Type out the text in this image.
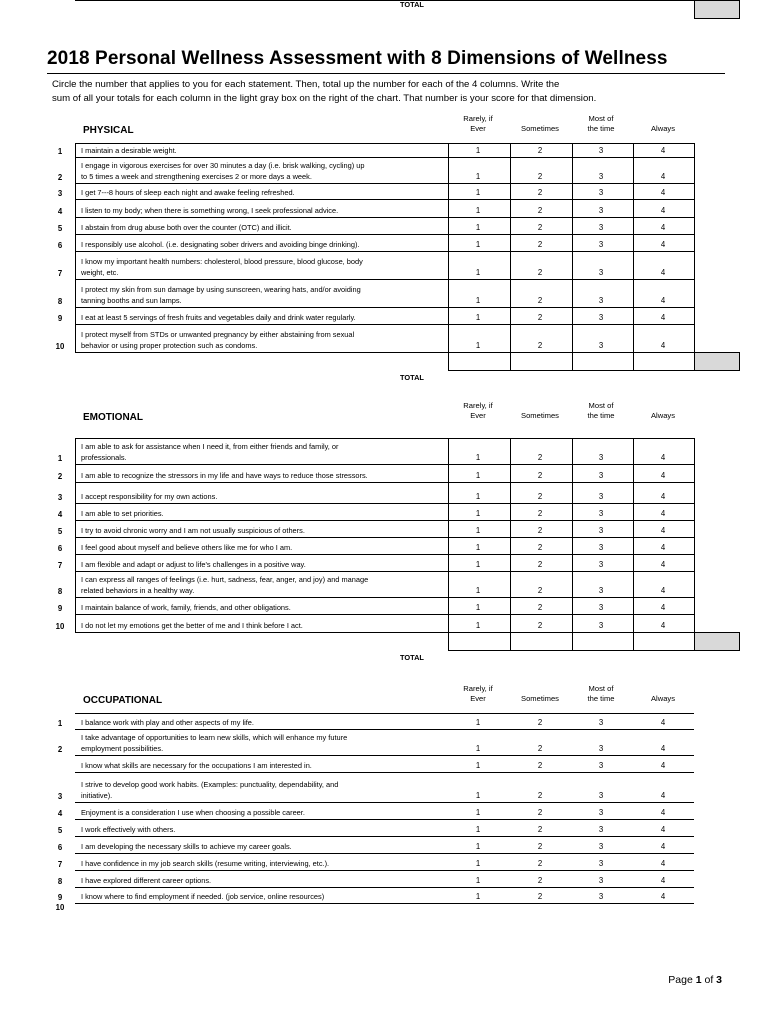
2018 Personal Wellness Assessment with 8 Dimensions of Wellness
Circle the number that applies to you for each statement. Then, total up the number for each of the 4 columns. Write the
sum of all your totals for each column in the light gray box on the right of the chart. That number is your score for that dimension.
PHYSICAL
Rarely, if
Ever
	Sometimes
Most of
the time
	Always
1	I maintain a desirable weight.	1	2	3	4
2
I engage in vigorous exercises for over 30 minutes a day (i.e. brisk walking, cycling) up
to 5 times a week and strengthening exercises 2 or more days a week.	1	2	3	4
3	I get 7---8 hours of sleep each night and awake feeling refreshed.	1	2	3	4
4	I listen to my body; when there is something wrong, I seek professional advice.	1	2	3	4
5	I abstain from drug abuse both over the counter (OTC) and illicit.	1	2	3	4
6	I responsibly use alcohol. (i.e. designating sober drivers and avoiding binge drinking).	1	2	3	4
7
I know my important health numbers: cholesterol, blood pressure, blood glucose, body
weight, etc.	1	2	3	4
8
I protect my skin from sun damage by using sunscreen, wearing hats, and/or avoiding
tanning booths and sun lamps.	1	2	3	4
9	I eat at least 5 servings of fresh fruits and vegetables daily and drink water regularly.	1	2	3	4
10
I protect myself from STDs or unwanted pregnancy by either abstaining from sexual
behavior or using proper protection such as condoms.	1	2	3	4
TOTAL
EMOTIONAL
Rarely, if
Ever
	Sometimes
Most of
the time
	Always
1
I am able to ask for assistance when I need it, from either friends and family, or
professionals.	1	2	3	4
2	I am able to recognize the stressors in my life and have ways to reduce those stressors.	1	2	3	4
3	I accept responsibility for my own actions.	1	2	3	4
4	I am able to set priorities.	1	2	3	4
5	I try to avoid chronic worry and I am not usually suspicious of others.	1	2	3	4
6	I feel good about myself and believe others like me for who I am.	1	2	3	4
7	I am flexible and adapt or adjust to life's challenges in a positive way.	1	2	3	4
8
I can express all ranges of feelings (i.e. hurt, sadness, fear, anger, and joy) and manage
related behaviors in a healthy way.	1	2	3	4
9	I maintain balance of work, family, friends, and other obligations.	1	2	3	4
10	I do not let my emotions get the better of me and I think before I act.	1	2	3	4
TOTAL
OCCUPATIONAL
Rarely, if
Ever
	Sometimes
Most of
the time
	Always
1	I balance work with play and other aspects of my life.	1	2	3	4
2
I take advantage of opportunities to learn new skills, which will enhance my future
employment possibilities.	1	2	3	4
I know what skills are necessary for the occupations I am interested in.	1	2	3	4
3
I strive to develop good work habits. (Examples: punctuality, dependability, and
initiative).	1	2	3	4
4	Enjoyment is a consideration I use when choosing a possible career.	1	2	3	4
5	I work effectively with others.	1	2	3	4
6	I am developing the necessary skills to achieve my career goals.	1	2	3	4
7	I have confidence in my job search skills (resume writing, interviewing, etc.).	1	2	3	4
8	I have explored different career options.	1	2	3	4
9	I know where to find employment if needed. (job service, online resources)	1	2	3	4
10
TOTAL
Page 1 of 3
